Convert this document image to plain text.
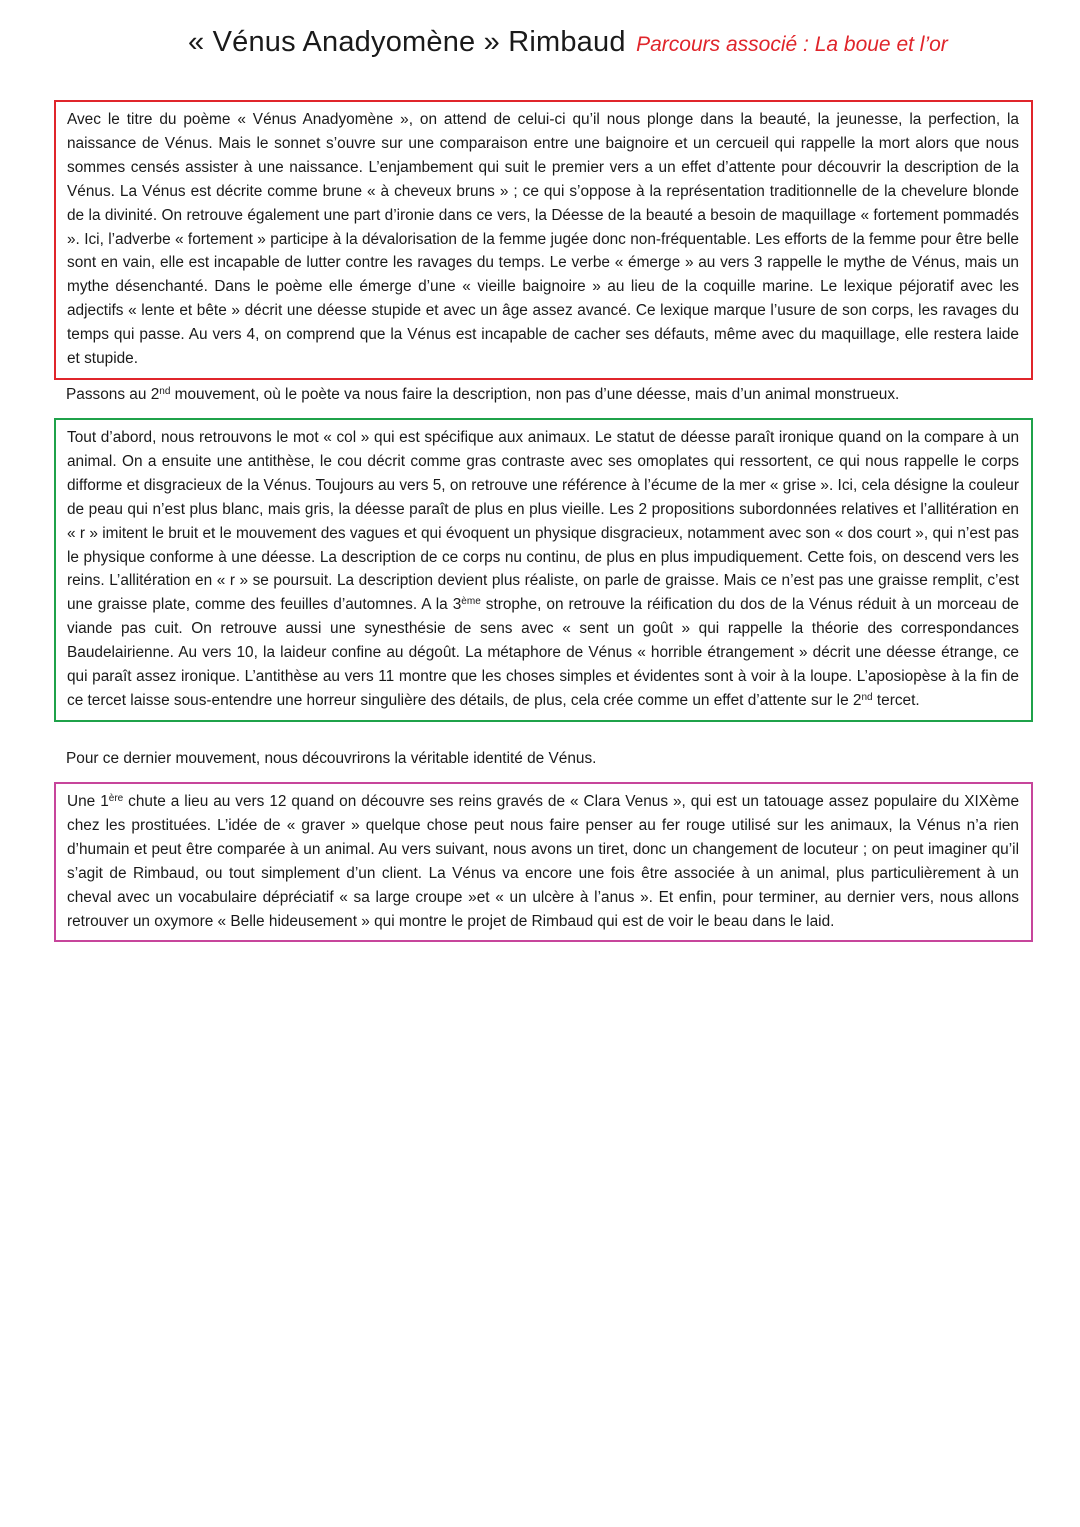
« Vénus Anadyomène » Rimbaud Parcours associé : La boue et l’or

Avec le titre du poème « Vénus Anadyomène », on attend de celui-ci qu’il nous plonge dans la beauté, la jeunesse, la perfection, la naissance de Vénus. Mais le sonnet s’ouvre sur une comparaison entre une baignoire et un cercueil qui rappelle la mort alors que nous sommes censés assister à une naissance. L’enjambement qui suit le premier vers a un effet d’attente pour découvrir la description de la Vénus. La Vénus est décrite comme brune « à cheveux bruns » ; ce qui s’oppose à la représentation traditionnelle de la chevelure blonde de la divinité. On retrouve également une part d’ironie dans ce vers, la Déesse de la beauté a besoin de maquillage « fortement pommadés ». Ici, l’adverbe « fortement » participe à la dévalorisation de la femme jugée donc non-fréquentable. Les efforts de la femme pour être belle sont en vain, elle est incapable de lutter contre les ravages du temps. Le verbe « émerge » au vers 3 rappelle le mythe de Vénus, mais un mythe désenchanté. Dans le poème elle émerge d’une « vieille baignoire » au lieu de la coquille marine. Le lexique péjoratif avec les adjectifs « lente et bête » décrit une déesse stupide et avec un âge assez avancé. Ce lexique marque l’usure de son corps, les ravages du temps qui passe. Au vers 4, on comprend que la Vénus est incapable de cacher ses défauts, même avec du maquillage, elle restera laide et stupide.

Passons au 2nd mouvement, où le poète va nous faire la description, non pas d’une déesse, mais d’un animal monstrueux.

Tout d’abord, nous retrouvons le mot « col » qui est spécifique aux animaux. Le statut de déesse paraît ironique quand on la compare à un animal. On a ensuite une antithèse, le cou décrit comme gras contraste avec ses omoplates qui ressortent, ce qui nous rappelle le corps difforme et disgracieux de la Vénus. Toujours au vers 5, on retrouve une référence à l’écume de la mer « grise ». Ici, cela désigne la couleur de peau qui n’est plus blanc, mais gris, la déesse paraît de plus en plus vieille. Les 2 propositions subordonnées relatives et l’allitération en « r » imitent le bruit et le mouvement des vagues et qui évoquent un physique disgracieux, notamment avec son « dos court », qui n’est pas le physique conforme à une déesse. La description de ce corps nu continu, de plus en plus impudiquement. Cette fois, on descend vers les reins. L’allitération en « r » se poursuit. La description devient plus réaliste, on parle de graisse. Mais ce n’est pas une graisse remplit, c’est une graisse plate, comme des feuilles d’automnes. A la 3ème strophe, on retrouve la réification du dos de la Vénus réduit à un morceau de viande pas cuit. On retrouve aussi une synesthésie de sens avec « sent un goût » qui rappelle la théorie des correspondances Baudelairienne. Au vers 10, la laideur confine au dégoût. La métaphore de Vénus « horrible étrangement » décrit une déesse étrange, ce qui paraît assez ironique. L’antithèse au vers 11 montre que les choses simples et évidentes sont à voir à la loupe. L’aposiopèse à la fin de ce tercet laisse sous-entendre une horreur singulière des détails, de plus, cela crée comme un effet d’attente sur le 2nd tercet.

Pour ce dernier mouvement, nous découvrirons la véritable identité de Vénus.

Une 1ère chute a lieu au vers 12 quand on découvre ses reins gravés de « Clara Venus », qui est un tatouage assez populaire du XIXème chez les prostituées. L’idée de « graver » quelque chose peut nous faire penser au fer rouge utilisé sur les animaux, la Vénus n’a rien d’humain et peut être comparée à un animal. Au vers suivant, nous avons un tiret, donc un changement de locuteur ; on peut imaginer qu’il s’agit de Rimbaud, ou tout simplement d’un client. La Vénus va encore une fois être associée à un animal, plus particulièrement à un cheval avec un vocabulaire dépréciatif « sa large croupe »et « un ulcère à l’anus ». Et enfin, pour terminer, au dernier vers, nous allons retrouver un oxymore « Belle hideusement » qui montre le projet de Rimbaud qui est de voir le beau dans le laid.
